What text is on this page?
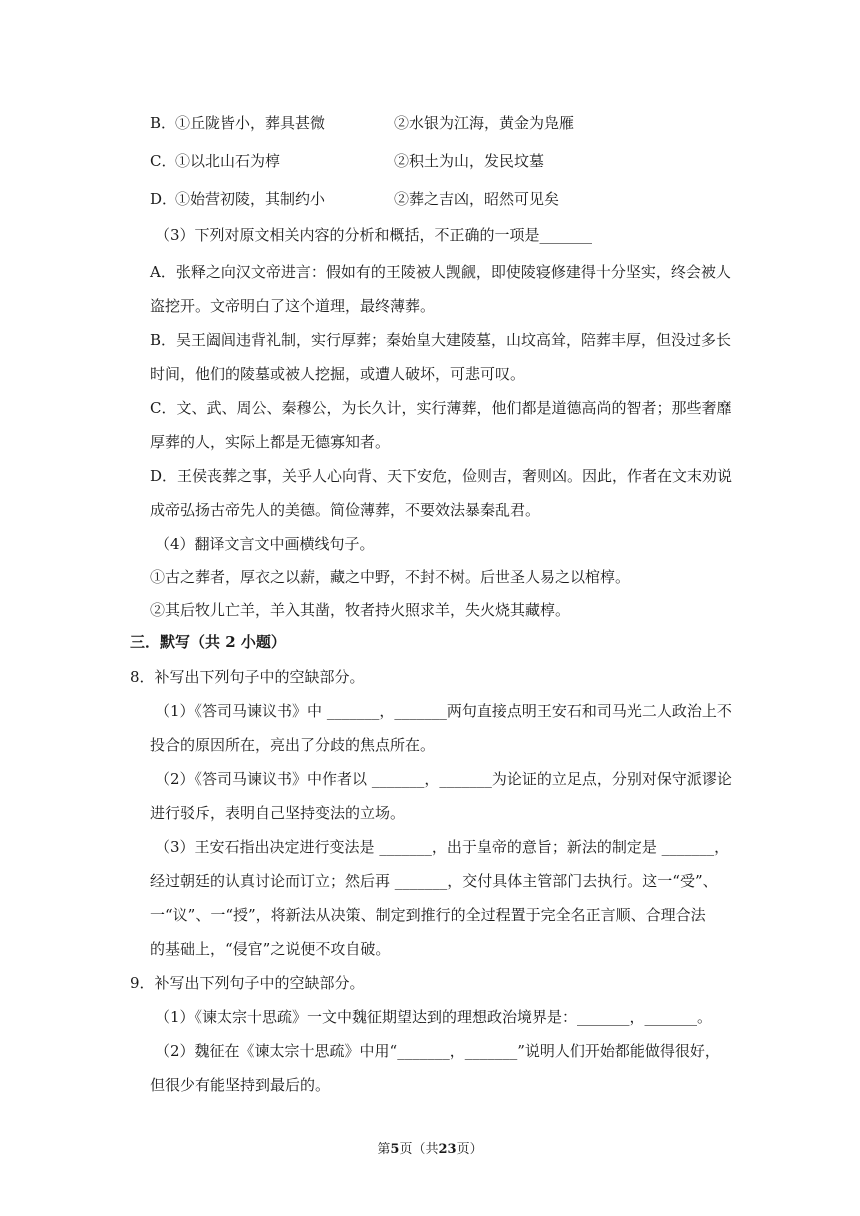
B．
①丘陇皆小，葬具甚微	②水银为江海，黄金为凫雁
C．
①以北山石为椁	②积土为山，发民坟墓
D．
①始营初陵，其制约小	②葬之吉凶，昭然可见矣
（3）下列对原文相关内容的分析和概括，不正确的一项是_______
A．张释之向汉文帝进言：假如有的王陵被人觊觎，即使陵寝修建得十分坚实，终会被人
盗挖开。文帝明白了这个道理，最终薄葬。
B．吴王阖闾违背礼制，实行厚葬；秦始皇大建陵墓，山坟高耸，陪葬丰厚，但没过多长
时间，他们的陵墓或被人挖掘，或遭人破坏，可悲可叹。
C．文、武、周公、秦穆公，为长久计，实行薄葬，他们都是道德高尚的智者；那些奢靡
厚葬的人，实际上都是无德寡知者。
D．王侯丧葬之事，关乎人心向背、天下安危，俭则吉，奢则凶。因此，作者在文末劝说
成帝弘扬古帝先人的美德。简俭薄葬，不要效法暴秦乱君。
（4）翻译文言文中画横线句子。
①古之葬者，厚衣之以薪，藏之中野，不封不树。后世圣人易之以棺椁。
②其后牧儿亡羊，羊入其凿，牧者持火照求羊，失火烧其藏椁。
三．默写（共 2 小题）
8．补写出下列句子中的空缺部分。
（1）《答司马谏议书》中 _______，_______两句直接点明王安石和司马光二人政治上不
投合的原因所在，亮出了分歧的焦点所在。
（2）《答司马谏议书》中作者以 _______，_______为论证的立足点，分别对保守派谬论
进行驳斥，表明自己坚持变法的立场。
（3）王安石指出决定进行变法是 _______，出于皇帝的意旨；新法的制定是 _______，
经过朝廷的认真讨论而订立；然后再 _______，交付具体主管部门去执行。这一“受”、
一“议”、一“授”，将新法从决策、制定到推行的全过程置于完全名正言顺、合理合法
的基础上，“侵官”之说便不攻自破。
9．补写出下列句子中的空缺部分。
（1）《谏太宗十思疏》一文中魏征期望达到的理想政治境界是：_______，_______。
（2）魏征在《谏太宗十思疏》中用“_______，_______”说明人们开始都能做得很好，
但很少有能坚持到最后的。
第5页（共23页）
